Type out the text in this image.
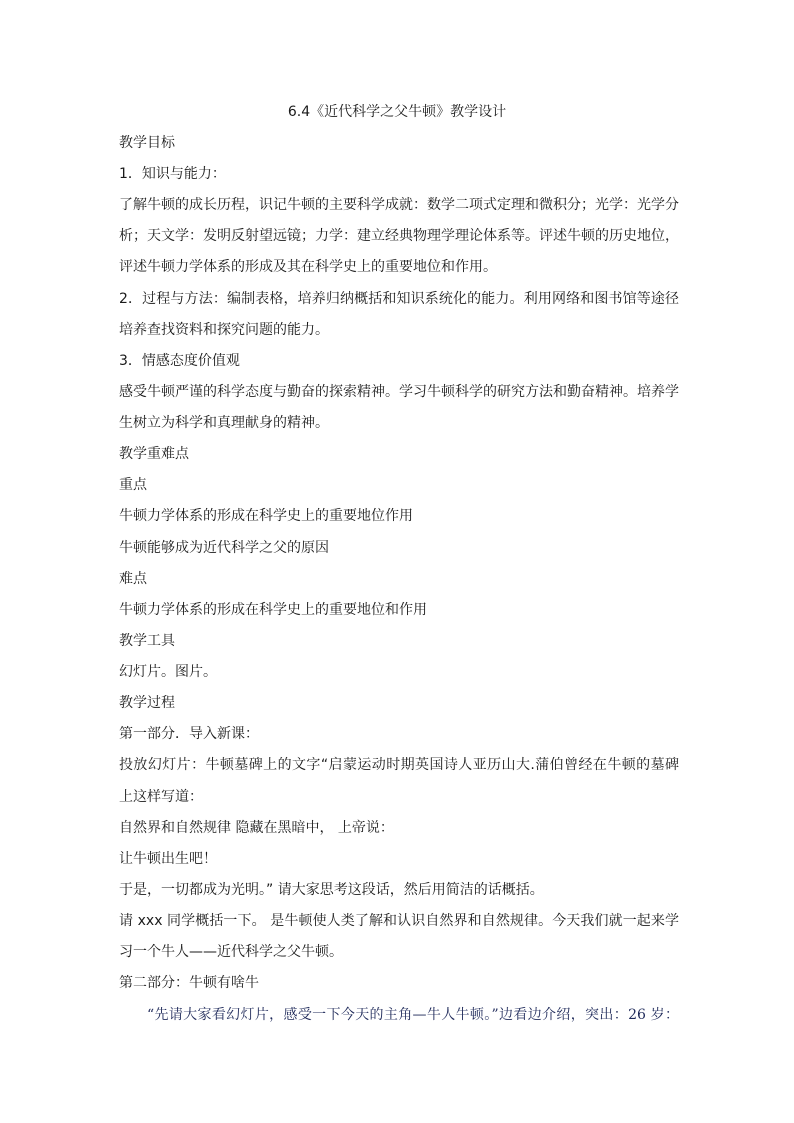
6.4《近代科学之父牛顿》教学设计
教学目标
1．知识与能力：
了解牛顿的成长历程，识记牛顿的主要科学成就：数学二项式定理和微积分；光学：光学分
析；天文学：发明反射望远镜；力学：建立经典物理学理论体系等。评述牛顿的历史地位，
评述牛顿力学体系的形成及其在科学史上的重要地位和作用。
2．过程与方法：编制表格，培养归纳概括和知识系统化的能力。利用网络和图书馆等途径
培养查找资料和探究问题的能力。
3．情感态度价值观
感受牛顿严谨的科学态度与勤奋的探索精神。学习牛顿科学的研究方法和勤奋精神。培养学
生树立为科学和真理献身的精神。
教学重难点
重点
牛顿力学体系的形成在科学史上的重要地位作用
牛顿能够成为近代科学之父的原因
难点
牛顿力学体系的形成在科学史上的重要地位和作用
教学工具
幻灯片。图片。
教学过程
第一部分．导入新课：
投放幻灯片：牛顿墓碑上的文字“启蒙运动时期英国诗人亚历山大.蒲伯曾经在牛顿的墓碑
上这样写道：
自然界和自然规律 隐藏在黑暗中， 上帝说：
让牛顿出生吧！
于是，一切都成为光明。” 请大家思考这段话，然后用简洁的话概括。
请 xxx 同学概括一下。 是牛顿使人类了解和认识自然界和自然规律。今天我们就一起来学
习一个牛人——近代科学之父牛顿。
第二部分：牛顿有啥牛
“先请大家看幻灯片，感受一下今天的主角—牛人牛顿。”边看边介绍，突出：26 岁：
